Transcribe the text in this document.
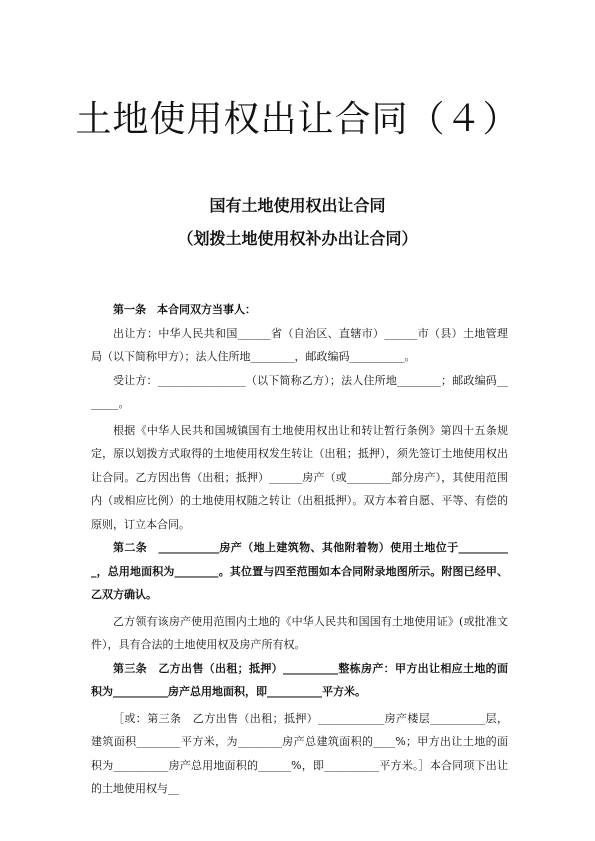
土地使用权出让合同（４）
国有土地使用权出让合同
（划拨土地使用权补办出让合同）

第一条　本合同双方当事人：

出让方：中华人民共和国______省（自治区、直辖市）______市（县）土地管理局（以下简称甲方）；法人住所地________，邮政编码__________。

受让方：________________（以下简称乙方）；法人住所地________；邮政编码_______。

根据《中华人民共和国城镇国有土地使用权出让和转让暂行条例》第四十五条规定，原以划拨方式取得的土地使用权发生转让（出租；抵押），须先签订土地使用权出让合同。乙方因出售（出租；抵押）______房产（或________部分房产），其使用范围内（或相应比例）的土地使用权随之转让（出租抵押）。双方本着自愿、平等、有偿的原则，订立本合同。

第二条　___________房产（地上建筑物、其他附着物）使用土地位于__________，总用地面积为________。其位置与四至范围如本合同附录地图所示。附图已经甲、乙双方确认。

乙方领有该房产使用范围内土地的《中华人民共和国国有土地使用证》(或批准文件），具有合法的土地使用权及房产所有权。

第三条　乙方出售（出租；抵押）__________整栋房产：甲方出让相应土地的面积为__________房产总用地面积，即__________平方米。

［或：第三条　乙方出售（出租；抵押）____________房产楼层__________层，建筑面积________平方米，为________房产总建筑面积的____%；甲方出让土地的面积为__________房产总用地面积的______%，即__________平方米。］本合同项下出让的土地使用权与__
